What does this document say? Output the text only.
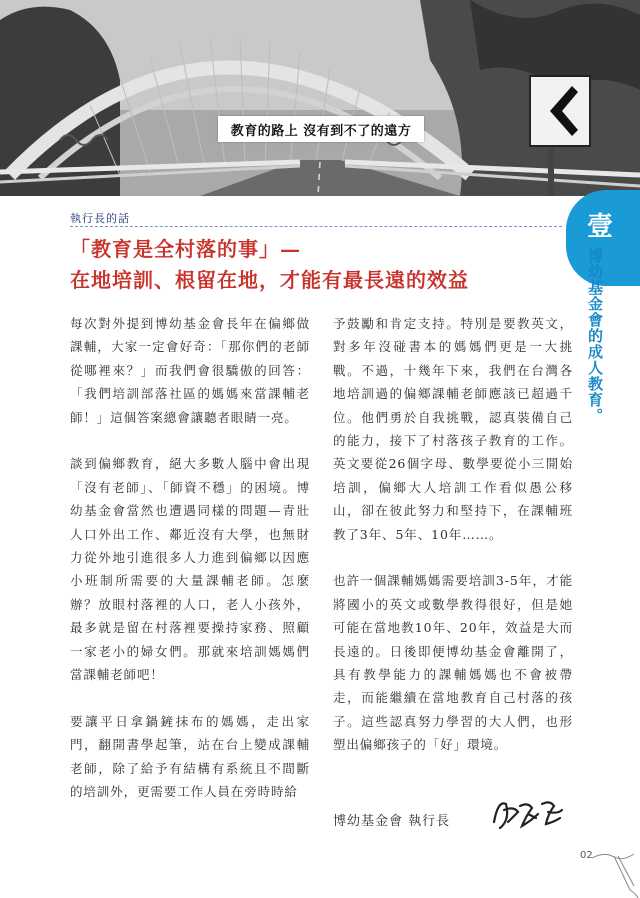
教育的路上 沒有到不了的遠方
執行長的話	壹
博幼基金會的成人教育。
「教育是全村落的事」—
在地培訓、根留在地，才能有最長遠的效益

每次對外提到博幼基金會長年在偏鄉做課輔，大家一定會好奇：「那你們的老師從哪裡來？」而我們會很驕傲的回答：「我們培訓部落社區的媽媽來當課輔老師！」這個答案總會讓聽者眼睛一亮。

談到偏鄉教育，絕大多數人腦中會出現「沒有老師」、「師資不穩」的困境。博幼基金會當然也遭遇同樣的問題—青壯人口外出工作、鄰近沒有大學，也無財力從外地引進很多人力進到偏鄉以因應小班制所需要的大量課輔老師。怎麼辦？放眼村落裡的人口，老人小孩外，最多就是留在村落裡要操持家務、照顧一家老小的婦女們。那就來培訓媽媽們當課輔老師吧！

要讓平日拿鍋鏟抹布的媽媽，走出家門，翻開書學起筆，站在台上變成課輔老師，除了給予有結構有系統且不間斷的培訓外，更需要工作人員在旁時時給

予鼓勵和肯定支持。特別是要教英文，對多年沒碰書本的媽媽們更是一大挑戰。不過，十幾年下來，我們在台灣各地培訓過的偏鄉課輔老師應該已超過千位。他們勇於自我挑戰，認真裝備自己的能力，接下了村落孩子教育的工作。英文要從26個字母、數學要從小三開始培訓，偏鄉大人培訓工作看似愚公移山，卻在彼此努力和堅持下，在課輔班教了3年、5年、10年……。

也許一個課輔媽媽需要培訓3-5年，才能將國小的英文或數學教得很好，但是她可能在當地教10年、20年，效益是大而長遠的。日後即便博幼基金會離開了，具有教學能力的課輔媽媽也不會被帶走，而能繼續在當地教育自己村落的孩子。這些認真努力學習的大人們，也形塑出偏鄉孩子的「好」環境。

博幼基金會 執行長
02
